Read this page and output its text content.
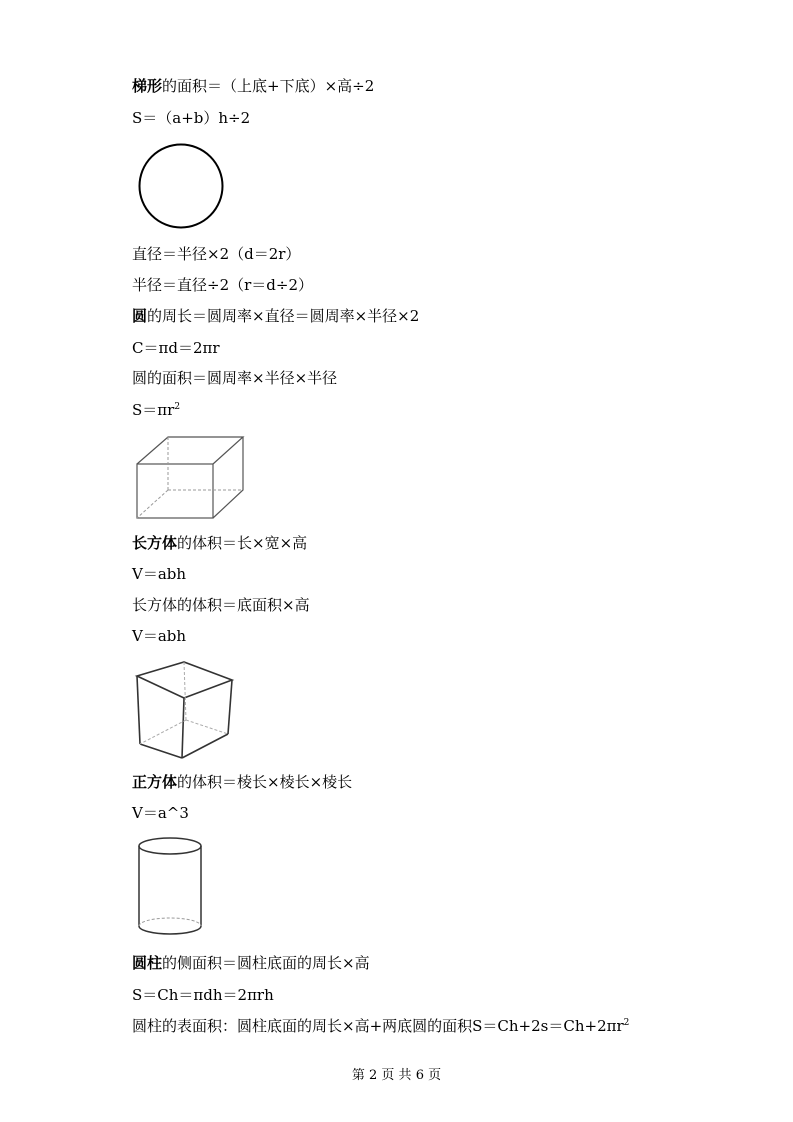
梯形的面积＝（上底+下底）×高÷2
S＝（a+b）h÷2
直径＝半径×2（d＝2r）
半径＝直径÷2（r＝d÷2）
圆的周长＝圆周率×直径＝圆周率×半径×2
C＝πd＝2πr
圆的面积＝圆周率×半径×半径
$S=\pi r^2$
长方体的体积＝长×宽×高
V＝abh
长方体的体积＝底面积×高
V＝abh
正方体的体积＝棱长×棱长×棱长
V＝a^3
圆柱的侧面积＝圆柱底面的周长×高
S＝Ch＝πdh＝2πrh
圆柱的表面积：圆柱底面的周长×高+两底圆的面积$S=Ch+2s=Ch+2\pi r^2$
第 2 页 共 6 页
